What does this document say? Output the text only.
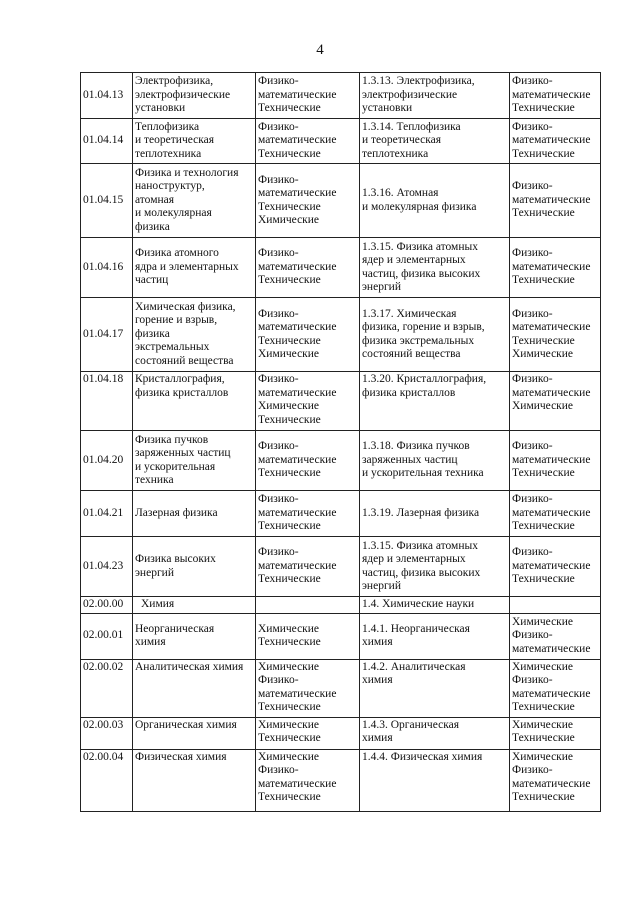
4
01.04.13	Электрофизика,
электрофизические
установки	Физико-
математические
Технические	1.3.13. Электрофизика,
электрофизические
установки	Физико-
математические
Технические
01.04.14	Теплофизика
и теоретическая
теплотехника	Физико-
математические
Технические	1.3.14. Теплофизика
и теоретическая
теплотехника	Физико-
математические
Технические
01.04.15	Физика и технология
наноструктур,
атомная
и молекулярная
физика	Физико-
математические
Технические
Химические	1.3.16. Атомная
и молекулярная физика	Физико-
математические
Технические
01.04.16	Физика атомного
ядра и элементарных
частиц	Физико-
математические
Технические	1.3.15. Физика атомных
ядер и элементарных
частиц, физика высоких
энергий	Физико-
математические
Технические
01.04.17	Химическая физика,
горение и взрыв,
физика
экстремальных
состояний вещества	Физико-
математические
Технические
Химические	1.3.17. Химическая
физика, горение и взрыв,
физика экстремальных
состояний вещества	Физико-
математические
Технические
Химические
01.04.18	Кристаллография,
физика кристаллов	Физико-
математические
Химические
Технические	1.3.20. Кристаллография,
физика кристаллов	Физико-
математические
Химические
01.04.20	Физика пучков
заряженных частиц
и ускорительная
техника	Физико-
математические
Технические	1.3.18. Физика пучков
заряженных частиц
и ускорительная техника	Физико-
математические
Технические
01.04.21	Лазерная физика	Физико-
математические
Технические	1.3.19. Лазерная физика	Физико-
математические
Технические
01.04.23	Физика высоких
энергий	Физико-
математические
Технические	1.3.15. Физика атомных
ядер и элементарных
частиц, физика высоких
энергий	Физико-
математические
Технические
02.00.00	Химия		1.4. Химические науки	
02.00.01	Неорганическая
химия	Химические
Технические	1.4.1. Неорганическая
химия	Химические
Физико-
математические
02.00.02	Аналитическая химия	Химические
Физико-
математические
Технические	1.4.2. Аналитическая
химия	Химические
Физико-
математические
Технические
02.00.03	Органическая химия	Химические
Технические	1.4.3. Органическая
химия	Химические
Технические
02.00.04	Физическая химия	Химические
Физико-
математические
Технические	1.4.4. Физическая химия	Химические
Физико-
математические
Технические
